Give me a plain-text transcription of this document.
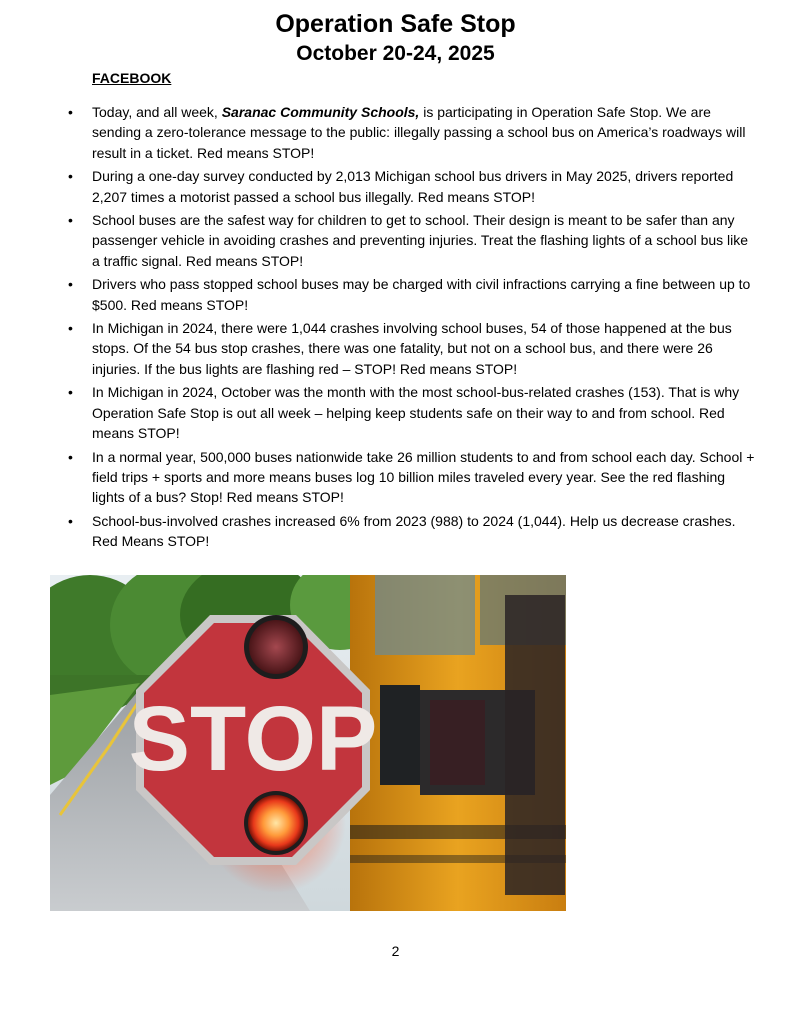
Operation Safe Stop
October 20-24, 2025
FACEBOOK
• Today, and all week, Saranac Community Schools, is participating in Operation Safe Stop. We are sending a zero-tolerance message to the public: illegally passing a school bus on America’s roadways will result in a ticket. Red means STOP!
• During a one-day survey conducted by 2,013 Michigan school bus drivers in May 2025, drivers reported 2,207 times a motorist passed a school bus illegally. Red means STOP!
• School buses are the safest way for children to get to school. Their design is meant to be safer than any passenger vehicle in avoiding crashes and preventing injuries. Treat the flashing lights of a school bus like a traffic signal. Red means STOP!
• Drivers who pass stopped school buses may be charged with civil infractions carrying a fine between up to $500. Red means STOP!
• In Michigan in 2024, there were 1,044 crashes involving school buses, 54 of those happened at the bus stops. Of the 54 bus stop crashes, there was one fatality, but not on a school bus, and there were 26 injuries. If the bus lights are flashing red – STOP! Red means STOP!
• In Michigan in 2024, October was the month with the most school-bus-related crashes (153). That is why Operation Safe Stop is out all week – helping keep students safe on their way to and from school. Red means STOP!
• In a normal year, 500,000 buses nationwide take 26 million students to and from school each day. School + field trips + sports and more means buses log 10 billion miles traveled every year. See the red flashing lights of a bus? Stop! Red means STOP!
• School-bus-involved crashes increased 6% from 2023 (988) to 2024 (1,044). Help us decrease crashes. Red Means STOP!
STOP
2
